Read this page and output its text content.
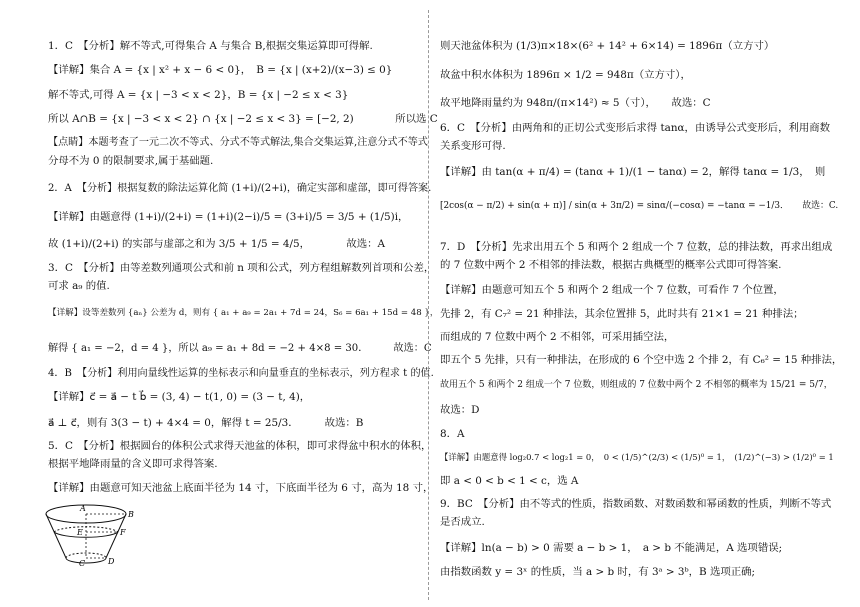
1．C　【分析】解不等式,可得集合 A 与集合 B,根据交集运算即可得解.
【详解】集合 A = {x | x² + x − 6 < 0}，　B = {x | (x+2)/(x−3) ≤ 0}
解不等式,可得 A = {x | −3 < x < 2}，B = {x | −2 ≤ x < 3}
所以 A∩B = {x | −3 < x < 2} ∩ {x | −2 ≤ x < 3} = [−2, 2)　　　　所以选 C
【点睛】本题考查了一元二次不等式、分式不等式解法,集合交集运算,注意分式不等式
分母不为 0 的限制要求,属于基础题.
2．A　【分析】根据复数的除法运算化简 (1+i)/(2+i)，确定实部和虚部，即可得答案.
【详解】由题意得 (1+i)/(2+i) = (1+i)(2−i)/5 = (3+i)/5 = 3/5 + (1/5)i，
故 (1+i)/(2+i) 的实部与虚部之和为 3/5 + 1/5 = 4/5，　　　　故选：A
3．C　【分析】由等差数列通项公式和前 n 项和公式，列方程组解数列首项和公差，
可求 a₉ 的值.
【详解】设等差数列 {aₙ} 公差为 d，则有 { a₁ + a₉ = 2a₁ + 7d = 24，S₆ = 6a₁ + 15d = 48 }，
解得 { a₁ = −2，d = 4 }，所以 a₉ = a₁ + 8d = −2 + 4×8 = 30．　　　故选：C
4．B　【分析】利用向量线性运算的坐标表示和向量垂直的坐标表示，列方程求 t 的值.
【详解】c⃗ = a⃗ − t b⃗ = (3, 4) − t(1, 0) = (3 − t, 4)，
a⃗ ⊥ c⃗，则有 3(3 − t) + 4×4 = 0，解得 t = 25/3．　　　故选：B
5．C　【分析】根据圆台的体积公式求得天池盆的体积，即可求得盆中积水的体积，
根据平地降雨量的含义即可求得答案.
【详解】由题意可知天池盆上底面半径为 14 寸，下底面半径为 6 寸，高为 18 寸，
A
B
E	F
C	D
则天池盆体积为 (1/3)π×18×(6² + 14² + 6×14) = 1896π（立方寸）
故盆中积水体积为 1896π × 1/2 = 948π（立方寸），
故平地降雨量约为 948π/(π×14²) ≈ 5（寸），　　故选：C
6．C　【分析】由两角和的正切公式变形后求得 tanα，由诱导公式变形后，利用商数
关系变形可得.
【详解】由 tan(α + π/4) = (tanα + 1)/(1 − tanα) = 2，解得 tanα = 1/3，　则
[2cos(α − π/2) + sin(α + π)] / sin(α + 3π/2) = sinα/(−cosα) = −tanα = −1/3．　　故选：C.
7．D　【分析】先求出用五个 5 和两个 2 组成一个 7 位数，总的排法数，再求出组成
的 7 位数中两个 2 不相邻的排法数，根据古典概型的概率公式即可得答案.
【详解】由题意可知五个 5 和两个 2 组成一个 7 位数，可看作 7 个位置，
先排 2，有 C₇² = 21 种排法，其余位置排 5，此时共有 21×1 = 21 种排法；
而组成的 7 位数中两个 2 不相邻，可采用插空法，
即五个 5 先排，只有一种排法，在形成的 6 个空中选 2 个排 2，有 C₆² = 15 种排法，
故用五个 5 和两个 2 组成一个 7 位数，则组成的 7 位数中两个 2 不相邻的概率为 15/21 = 5/7，
故选：D
8．A
【详解】由题意得 log₂0.7 < log₂1 = 0，　0 < (1/5)^(2/3) < (1/5)⁰ = 1，　(1/2)^(−3) > (1/2)⁰ = 1
即 a < 0 < b < 1 < c，选 A
9．BC　【分析】由不等式的性质，指数函数、对数函数和幂函数的性质，判断不等式
是否成立.
【详解】ln(a − b) > 0 需要 a − b > 1，　a > b 不能满足，A 选项错误;
由指数函数 y = 3ˣ 的性质，当 a > b 时，有 3ᵃ > 3ᵇ，B 选项正确;
